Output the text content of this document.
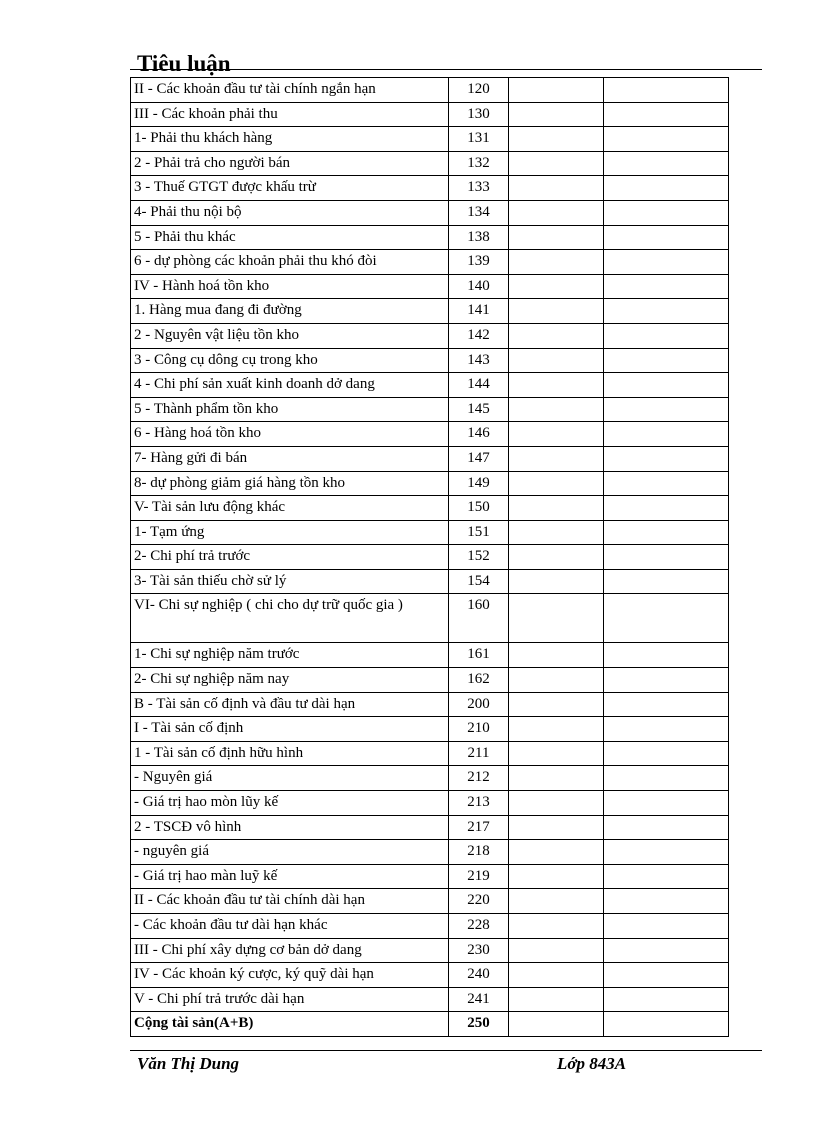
Tiêu luận
II - Các khoản đầu tư tài chính ngắn hạn	120		
III - Các khoản phải thu	130		
1- Phải thu khách hàng	131		
2 - Phải trả cho người bán	132		
3 - Thuế GTGT được khấu trừ	133		
4- Phải thu nội bộ	134		
5 - Phải thu khác	138		
6 - dự phòng các khoản phải thu khó đòi	139		
IV - Hành hoá tồn kho	140		
1. Hàng mua đang đi đường	141		
2 - Nguyên vật liệu tồn kho	142		
3 - Công cụ dông cụ trong kho	143		
4 - Chi phí sản xuất kinh doanh dở dang	144		
5 - Thành phẩm tồn kho	145		
6 - Hàng hoá tồn kho	146		
7- Hàng gửi đi bán	147		
8- dự phòng giảm giá hàng tồn kho	149		
V- Tài sản lưu động khác	150		
1- Tạm ứng	151		
2- Chi phí trả trước	152		
3- Tài sản thiếu chờ sử lý	154		
VI- Chi sự nghiệp ( chi cho dự trữ quốc gia )	160		
1- Chi sự nghiệp năm trước	161		
2- Chi sự nghiệp năm nay	162		
B - Tài sản cố định và đầu tư dài hạn	200		
I - Tài sản cố định	210		
1 - Tài sản cố định hữu hình	211		
- Nguyên giá	212		
- Giá trị hao mòn lũy kế	213		
2 - TSCĐ vô hình	217		
- nguyên giá	218		
- Giá trị hao màn luỹ kế	219		
II - Các khoản đầu tư tài chính dài hạn	220		
- Các khoản đầu tư dài hạn khác	228		
III - Chi phí xây dựng cơ bản dở dang	230		
IV - Các khoản ký cược, ký quỹ dài hạn	240		
V - Chi phí trả trước dài hạn	241		
Cộng tài sản(A+B)	250		
Văn Thị Dung	Lớp 843A
